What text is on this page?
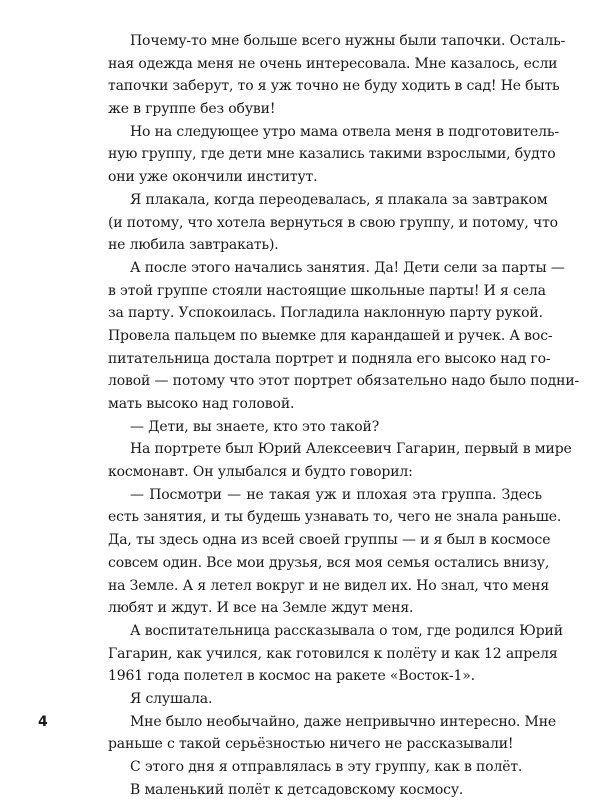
Почему-то мне больше всего нужны были тапочки. Осталь-
ная одежда меня не очень интересовала. Мне казалось, если
тапочки заберут, то я уж точно не буду ходить в сад! Не быть
же в группе без обуви!
Но на следующее утро мама отвела меня в подготовитель-
ную группу, где дети мне казались такими взрослыми, будто
они уже окончили институт.
Я плакала, когда переодевалась, я плакала за завтраком
(и потому, что хотела вернуться в свою группу, и потому, что
не любила завтракать).
А после этого начались занятия. Да! Дети сели за парты —
в этой группе стояли настоящие школьные парты! И я села
за парту. Успокоилась. Погладила наклонную парту рукой.
Провела пальцем по выемке для карандашей и ручек. А вос-
питательница достала портрет и подняла его высоко над го-
ловой — потому что этот портрет обязательно надо было подни-
мать высоко над головой.
— Дети, вы знаете, кто это такой?
На портрете был Юрий Алексеевич Гагарин, первый в мире
космонавт. Он улыбался и будто говорил:
— Посмотри — не такая уж и плохая эта группа. Здесь
есть занятия, и ты будешь узнавать то, чего не знала раньше.
Да, ты здесь одна из всей своей группы — и я был в космосе
совсем один. Все мои друзья, вся моя семья остались внизу,
на Земле. А я летел вокруг и не видел их. Но знал, что меня
любят и ждут. И все на Земле ждут меня.
А воспитательница рассказывала о том, где родился Юрий
Гагарин, как учился, как готовился к полёту и как 12 апреля
1961 года полетел в космос на ракете «Восток-1».
Я слушала.
Мне было необычайно, даже непривычно интересно. Мне
раньше с такой серьёзностью ничего не рассказывали!
С этого дня я отправлялась в эту группу, как в полёт.
В маленький полёт к детсадовскому космосу.
4
